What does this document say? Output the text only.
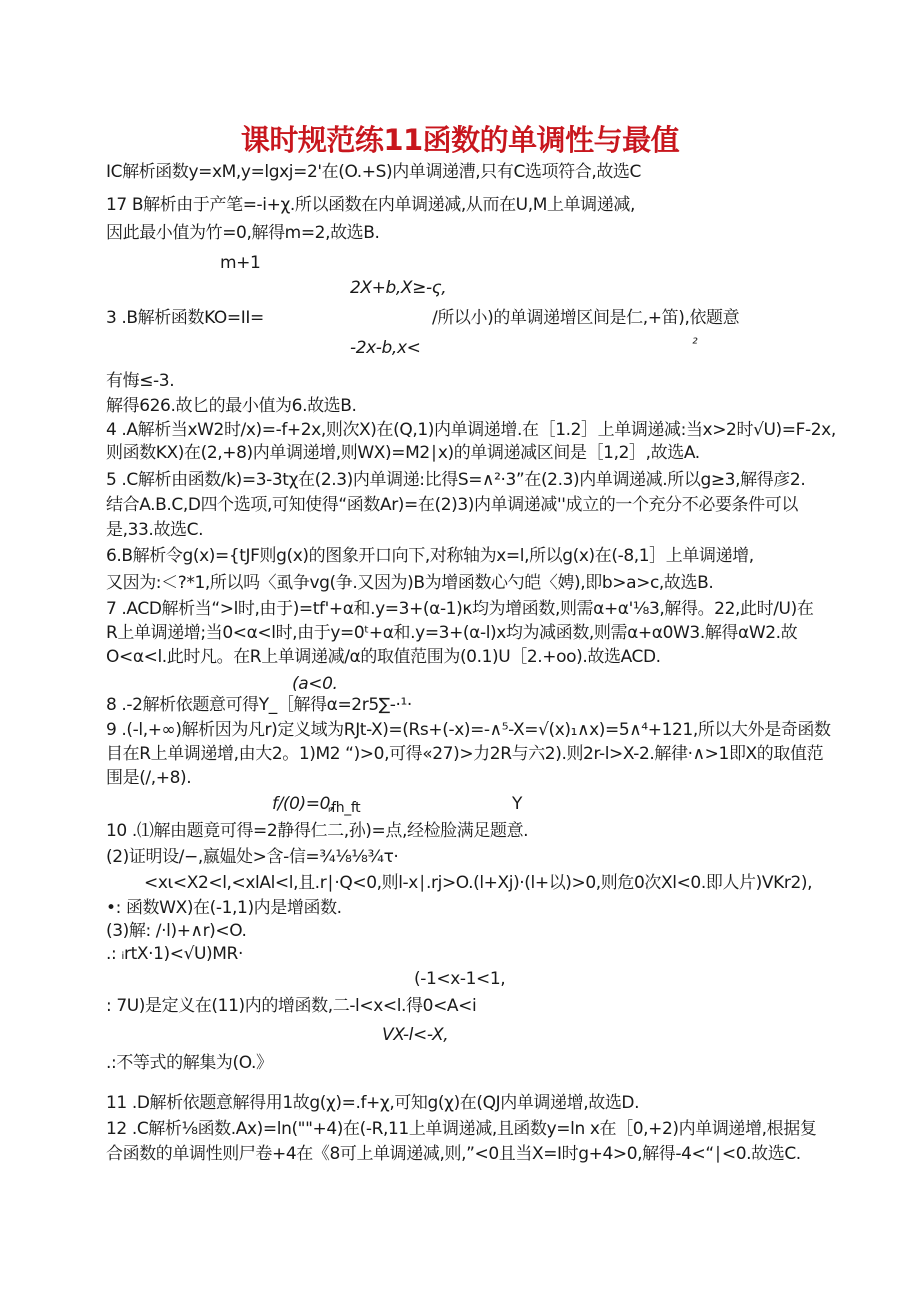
课时规范练11函数的单调性与最值
IC解析函数y=xM,y=lgxj=2'在(O.+S)内单调递漕,只有C选项符合,故选C
17 B解析由于产笔=-i+χ.所以函数在内单调递减,从而在U,M上单调递减,
因此最小值为竹=0,解得m=2,故选B.
m+1
2X+b,X≥-ς,
3 .B解析函数KO=II=	/所以小)的单调递增区间是仁,+笛),依题意
-2x-b,x<	²
有悔≤-3.
解得626.故匕的最小值为6.故选B.
4 .A解析当xW2时/x)=-f+2x,则次X)在(Q,1)内单调递增.在［1.2］上单调递减:当x>2时√U)=F-2x,
则函数KX)在(2,+8)内单调递增,则WX)=M2∣x)的单调递减区间是［1,2］,故选A.
5 .C解析由函数∕k)=3-3tχ在(2.3)内单调递:比得S=∧²·3”在(2.3)内单调递减.所以g≥3,解得彦2.
结合A.B.C,D四个选项,可知使得“函数Ar)=在(2)3)内单调递减''成立的一个充分不必要条件可以
是,33.故选C.
6.B解析令g(x)={tJF则g(x)的图象开口向下,对称轴为x=l,所以g(x)在(-8,1］上单调递增,
又因为:＜?*1,所以吗〈虱争vg(争.又因为)B为增函数心勺皑〈娉),即b>a>c,故选B.
7 .ACD解析当“>l时,由于)=tf'+α和.y=3+(α-1)κ均为增函数,则需α+α'⅛3,解得。22,此时/U)在
R上单调递增;当0<α<l时,由于y=0ᵗ+α和.y=3+(α-l)x均为减函数,则需α+α0W3.解得αW2.故
O<α<l.此时凡。在R上单调递减/α的取值范围为(0.1)U［2.+oo).故选ACD.
(a<0.
8 .-2解析依题意可得Y_［解得α=2r5∑-·¹·
9 .(-l,+∞)解析因为凡r)定义域为RJt-X)=(Rs+(-x)=-∧⁵-X=√(x)₁∧x)=5∧⁴+121,所以大外是奇函数
目在R上单调递增,由大2。1)M2 “)>0,可得«27)>力2R与六2).则2r-l>X-2.解律·∧>1即X的取值范
围是(/,+8).
f∕(0)=0,
ᵣfh_ft	Y
10 .⑴解由题竟可得=2静得仁二,孙)=点,经检脸满足题意.
(2)证明设/−,嬴媪处>含-信=¾⅛⅛¾τ·
<xι<X2<l,<xlAl<l,且.r∣·Q<0,则l-x∣.rj>O.(l+Xj)·(l+以)>0,则危0次Xl<0.即人片)VKr2),
•: 函数WX)在(-1,1)内是增函数.
(3)解: ∕·l)+∧r)<O.
.: ᵢrtX·1)<√U)MR·
(-1<x-1<1,
: 7U)是定义在(11)内的增函数,二-l<x<l.得0<A<i
VX-l<-X,
.:不等式的解集为(O.》
11 .D解析依题意解得用1故g(χ)=.f+χ,可知g(χ)在(QJ内单调递增,故选D.
12 .C解析⅛函数.Ax)=ln(""+4)在(-R,11上单调递减,且函数y=ln x在［0,+2)内单调递增,根据复
合函数的单调性则尸卷+4在《8可上单调递减,则,”<0且当X=I时g+4>0,解得-4<“∣<0.故选C.
